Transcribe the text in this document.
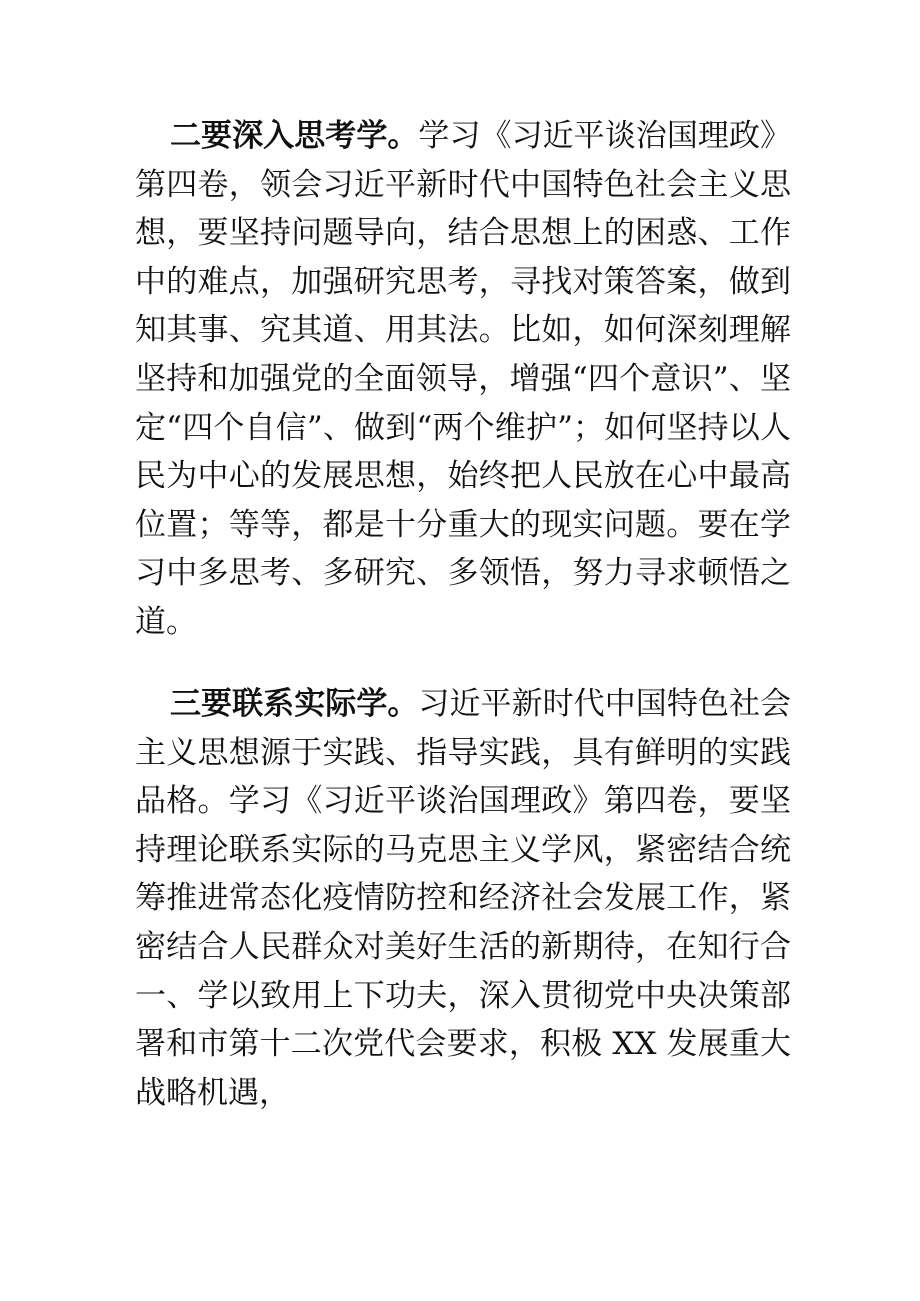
二要深入思考学。学习《习近平谈治国理政》第四卷，领会习近平新时代中国特色社会主义思想，要坚持问题导向，结合思想上的困惑、工作中的难点，加强研究思考，寻找对策答案，做到知其事、究其道、用其法。比如，如何深刻理解坚持和加强党的全面领导，增强“四个意识”、坚定“四个自信”、做到“两个维护”；如何坚持以人民为中心的发展思想，始终把人民放在心中最高位置；等等，都是十分重大的现实问题。要在学习中多思考、多研究、多领悟，努力寻求顿悟之道。

三要联系实际学。习近平新时代中国特色社会主义思想源于实践、指导实践，具有鲜明的实践品格。学习《习近平谈治国理政》第四卷，要坚持理论联系实际的马克思主义学风，紧密结合统筹推进常态化疫情防控和经济社会发展工作，紧密结合人民群众对美好生活的新期待，在知行合一、学以致用上下功夫，深入贯彻党中央决策部署和市第十二次党代会要求，积极 XX 发展重大战略机遇，
